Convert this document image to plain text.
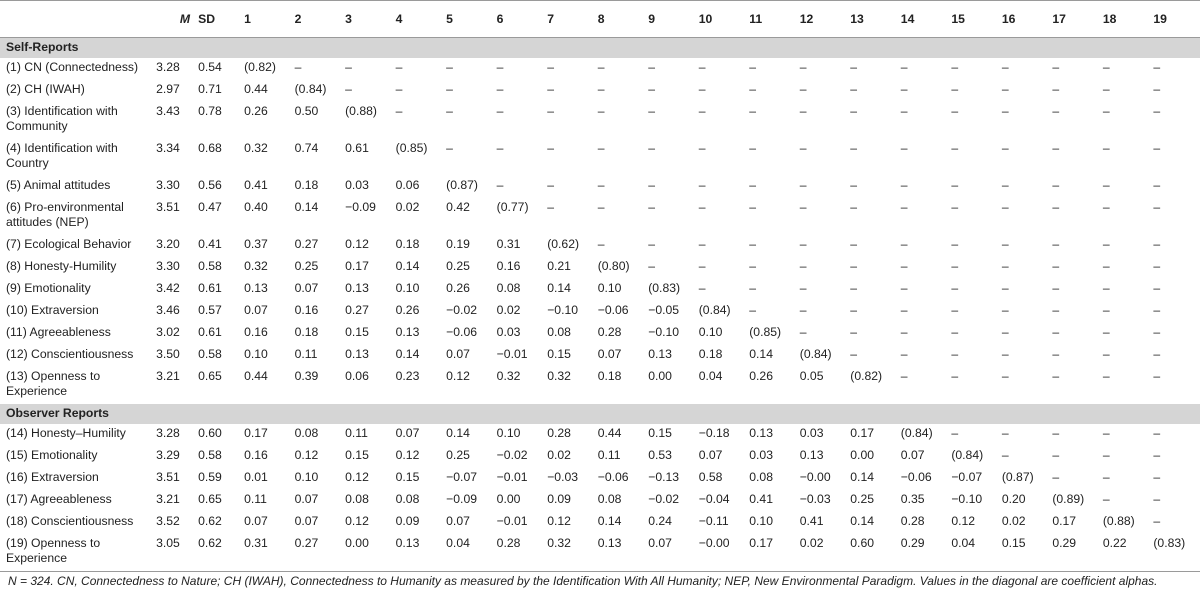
	M	SD	1	2	3	4	5	6	7	8	9	10	11	12	13	14	15	16	17	18	19
Self-Reports																					
(1) CN (Connectedness)	3.28	0.54	(0.82)	–	–	–	–	–	–	–	–	–	–	–	–	–	–	–	–	–	–
(2) CH (IWAH)	2.97	0.71	0.44	(0.84)	–	–	–	–	–	–	–	–	–	–	–	–	–	–	–	–	–
(3) Identification with Community	3.43	0.78	0.26	0.50	(0.88)	–	–	–	–	–	–	–	–	–	–	–	–	–	–	–	–
(4) Identification with Country	3.34	0.68	0.32	0.74	0.61	(0.85)	–	–	–	–	–	–	–	–	–	–	–	–	–	–	–
(5) Animal attitudes	3.30	0.56	0.41	0.18	0.03	0.06	(0.87)	–	–	–	–	–	–	–	–	–	–	–	–	–	–
(6) Pro-environmental attitudes (NEP)	3.51	0.47	0.40	0.14	−0.09	0.02	0.42	(0.77)	–	–	–	–	–	–	–	–	–	–	–	–	–
(7) Ecological Behavior	3.20	0.41	0.37	0.27	0.12	0.18	0.19	0.31	(0.62)	–	–	–	–	–	–	–	–	–	–	–	–
(8) Honesty-Humility	3.30	0.58	0.32	0.25	0.17	0.14	0.25	0.16	0.21	(0.80)	–	–	–	–	–	–	–	–	–	–	–
(9) Emotionality	3.42	0.61	0.13	0.07	0.13	0.10	0.26	0.08	0.14	0.10	(0.83)	–	–	–	–	–	–	–	–	–	–
(10) Extraversion	3.46	0.57	0.07	0.16	0.27	0.26	−0.02	0.02	−0.10	−0.06	−0.05	(0.84)	–	–	–	–	–	–	–	–	–
(11) Agreeableness	3.02	0.61	0.16	0.18	0.15	0.13	−0.06	0.03	0.08	0.28	−0.10	0.10	(0.85)	–	–	–	–	–	–	–	–
(12) Conscientiousness	3.50	0.58	0.10	0.11	0.13	0.14	0.07	−0.01	0.15	0.07	0.13	0.18	0.14	(0.84)	–	–	–	–	–	–	–
(13) Openness to Experience	3.21	0.65	0.44	0.39	0.06	0.23	0.12	0.32	0.32	0.18	0.00	0.04	0.26	0.05	(0.82)	–	–	–	–	–	–
Observer Reports																					
(14) Honesty–Humility	3.28	0.60	0.17	0.08	0.11	0.07	0.14	0.10	0.28	0.44	0.15	−0.18	0.13	0.03	0.17	(0.84)	–	–	–	–	–
(15) Emotionality	3.29	0.58	0.16	0.12	0.15	0.12	0.25	−0.02	0.02	0.11	0.53	0.07	0.03	0.13	0.00	0.07	(0.84)	–	–	–	–
(16) Extraversion	3.51	0.59	0.01	0.10	0.12	0.15	−0.07	−0.01	−0.03	−0.06	−0.13	0.58	0.08	−0.00	0.14	−0.06	−0.07	(0.87)	–	–	–
(17) Agreeableness	3.21	0.65	0.11	0.07	0.08	0.08	−0.09	0.00	0.09	0.08	−0.02	−0.04	0.41	−0.03	0.25	0.35	−0.10	0.20	(0.89)	–	–
(18) Conscientiousness	3.52	0.62	0.07	0.07	0.12	0.09	0.07	−0.01	0.12	0.14	0.24	−0.11	0.10	0.41	0.14	0.28	0.12	0.02	0.17	(0.88)	–
(19) Openness to Experience	3.05	0.62	0.31	0.27	0.00	0.13	0.04	0.28	0.32	0.13	0.07	−0.00	0.17	0.02	0.60	0.29	0.04	0.15	0.29	0.22	(0.83)
N = 324. CN, Connectedness to Nature; CH (IWAH), Connectedness to Humanity as measured by the Identification With All Humanity; NEP, New Environmental Paradigm. Values in the diagonal are coefficient alphas.
